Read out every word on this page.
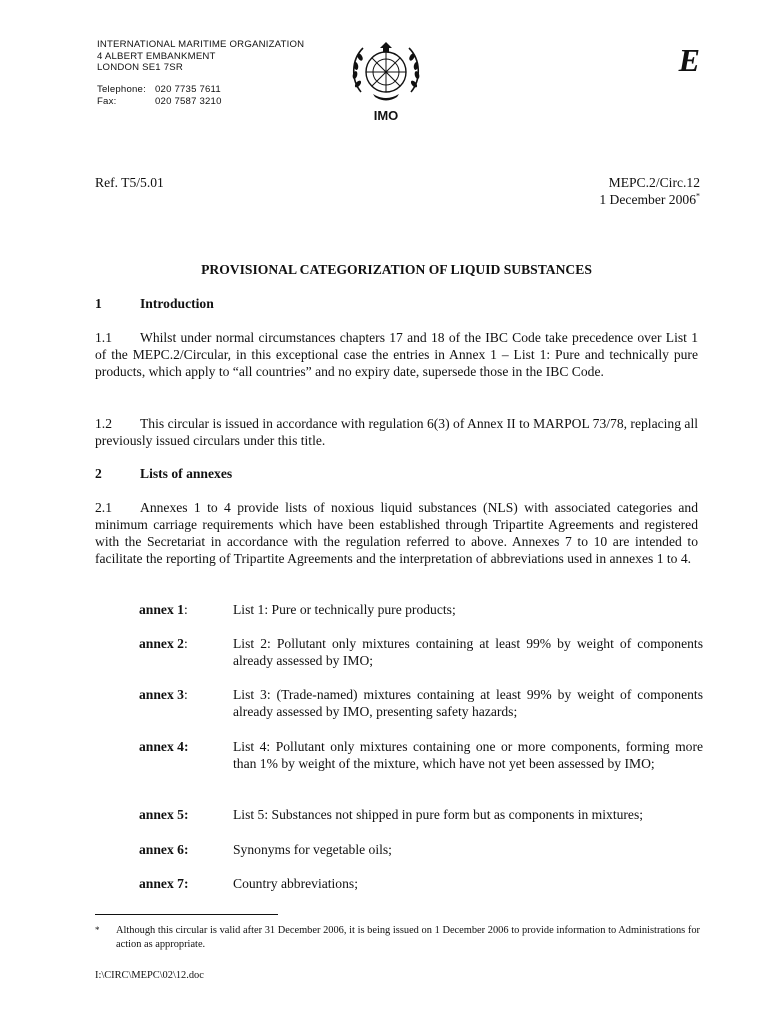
INTERNATIONAL MARITIME ORGANIZATION
4 ALBERT EMBANKMENT
LONDON SE1 7SR
Telephone: 020 7735 7611
Fax:	020 7587 3210
IMO
E
Ref. T5/5.01	MEPC.2/Circ.12
1 December 2006*
PROVISIONAL CATEGORIZATION OF LIQUID SUBSTANCES
1	Introduction
1.1 Whilst under normal circumstances chapters 17 and 18 of the IBC Code take precedence over List 1 of the MEPC.2/Circular, in this exceptional case the entries in Annex 1 – List 1: Pure and technically pure products, which apply to “all countries” and no expiry date, supersede those in the IBC Code.
1.2 This circular is issued in accordance with regulation 6(3) of Annex II to MARPOL 73/78, replacing all previously issued circulars under this title.
2	Lists of annexes
2.1 Annexes 1 to 4 provide lists of noxious liquid substances (NLS) with associated categories and minimum carriage requirements which have been established through Tripartite Agreements and registered with the Secretariat in accordance with the regulation referred to above. Annexes 7 to 10 are intended to facilitate the reporting of Tripartite Agreements and the interpretation of abbreviations used in annexes 1 to 4.
annex 1:	List 1: Pure or technically pure products;
annex 2:	List 2: Pollutant only mixtures containing at least 99% by weight of components already assessed by IMO;
annex 3:	List 3: (Trade-named) mixtures containing at least 99% by weight of components already assessed by IMO, presenting safety hazards;
annex 4:	List 4: Pollutant only mixtures containing one or more components, forming more than 1% by weight of the mixture, which have not yet been assessed by IMO;
annex 5:	List 5: Substances not shipped in pure form but as components in mixtures;
annex 6:	Synonyms for vegetable oils;
annex 7:	Country abbreviations;
* Although this circular is valid after 31 December 2006, it is being issued on 1 December 2006 to provide information to Administrations for action as appropriate.
I:\CIRC\MEPC\02\12.doc
